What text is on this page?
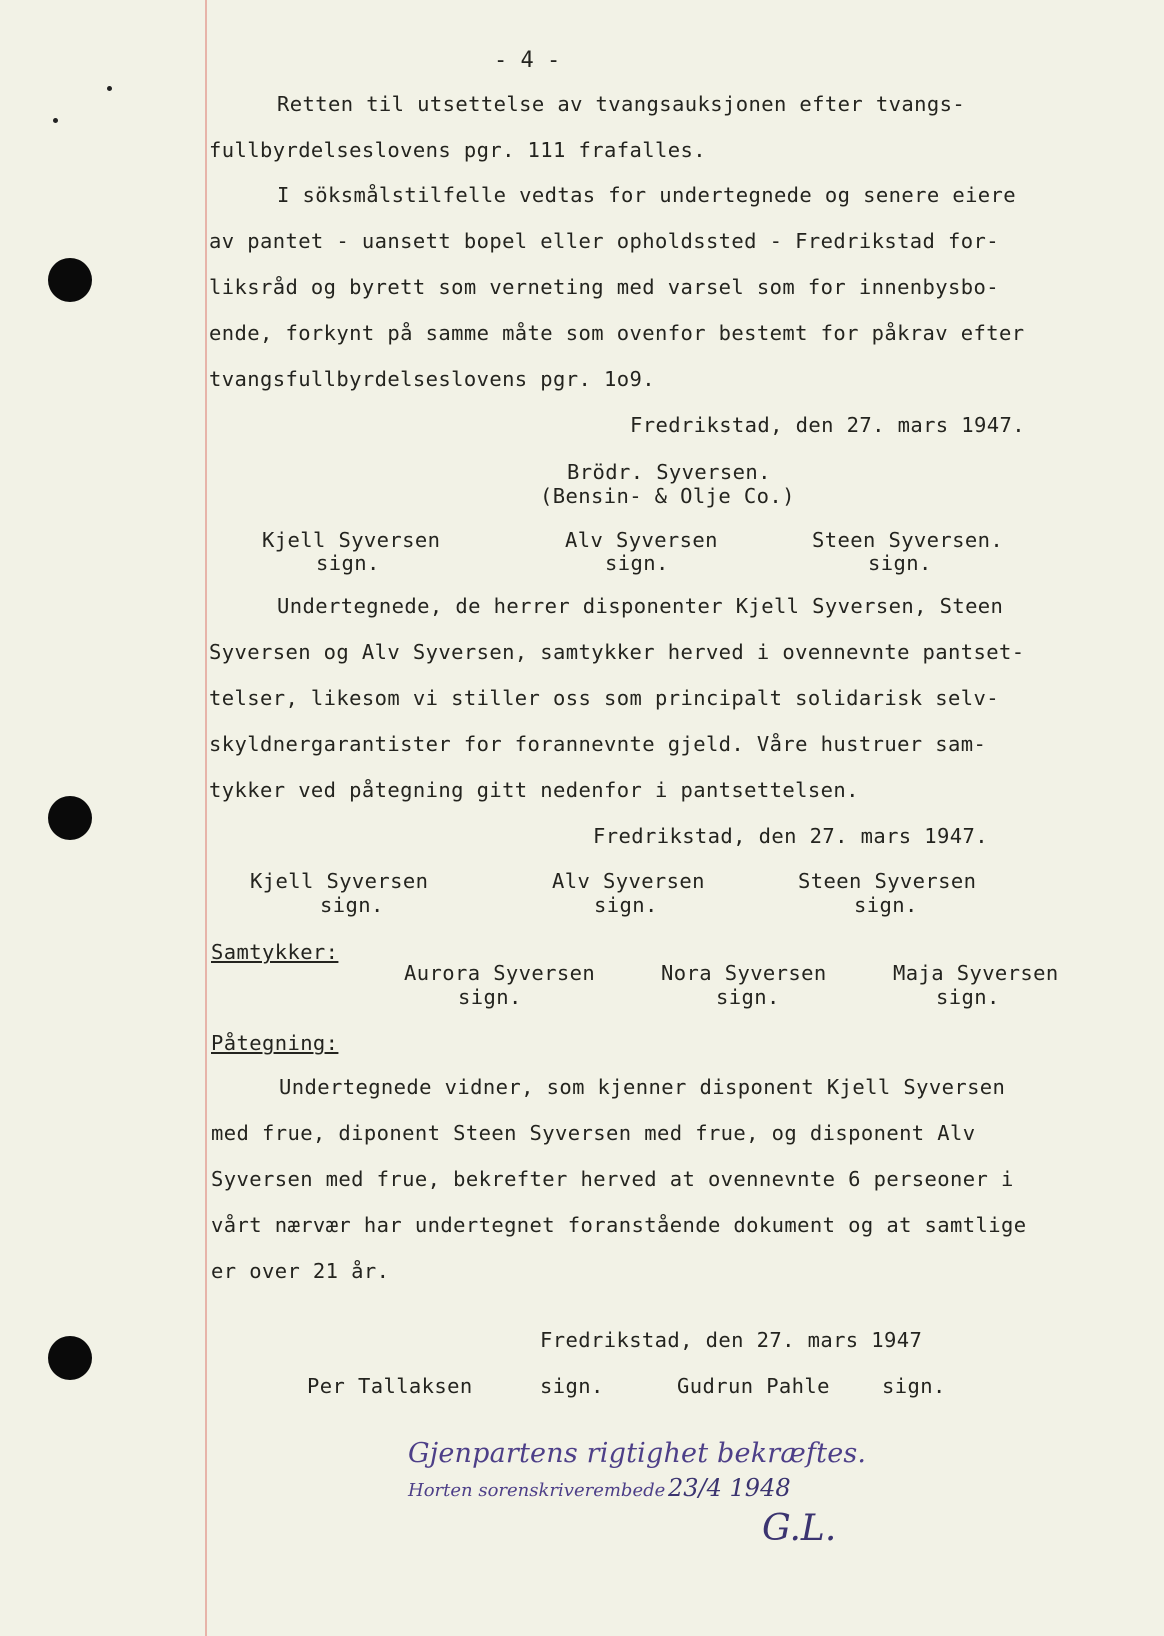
- 4 -
Retten til utsettelse av tvangsauksjonen efter tvangs-
fullbyrdelseslovens pgr. 111 frafalles.
I söksmålstilfelle vedtas for undertegnede og senere eiere
av pantet - uansett bopel eller opholdssted - Fredrikstad for-
liksråd og byrett som verneting med varsel som for innenbysbo-
ende, forkynt på samme måte som ovenfor bestemt for påkrav efter
tvangsfullbyrdelseslovens pgr. 1o9.
Fredrikstad, den 27. mars 1947.
Brödr. Syversen.
(Bensin- & Olje Co.)
Kjell Syversen
sign.
Alv Syversen
sign.
Steen Syversen.
sign.
Undertegnede, de herrer disponenter Kjell Syversen, Steen
Syversen og Alv Syversen, samtykker herved i ovennevnte pantset-
telser, likesom vi stiller oss som principalt solidarisk selv-
skyldnergarantister for forannevnte gjeld. Våre hustruer sam-
tykker ved påtegning gitt nedenfor i pantsettelsen.
Fredrikstad, den 27. mars 1947.
Kjell Syversen
sign.
Alv Syversen
sign.
Steen Syversen
sign.
Samtykker:
Aurora Syversen
sign.
Nora Syversen
sign.
Maja Syversen
sign.
Påtegning:
Undertegnede vidner, som kjenner disponent Kjell Syversen
med frue, diponent Steen Syversen med frue, og disponent Alv
Syversen med frue, bekrefter herved at ovennevnte 6 perseoner i
vårt nærvær har undertegnet foranstående dokument og at samtlige
er over 21 år.
Fredrikstad, den 27. mars 1947
Per Tallaksen	sign.	Gudrun Pahle	sign.
Gjenpartens rigtighet bekræftes.
Horten sorenskriverembede 23/4 1948
G.L.
